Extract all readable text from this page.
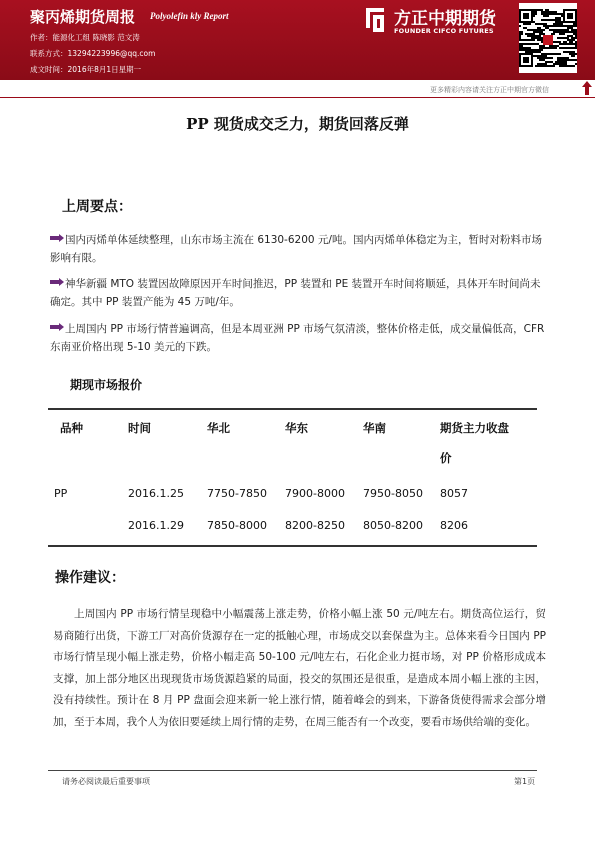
聚丙烯期货周报 Polyolefin kly Report
作者：能源化工组 陈晓影 范文涛
联系方式：13294223996@qq.com
成文时间：2016年8月1日星期一
方正中期期货
FOUNDER CIFCO FUTURES
更多精彩内容请关注方正中期官方微信
PP 现货成交乏力，期货回落反弹
上周要点：
国内丙烯单体延续整理，山东市场主流在 6130-6200 元/吨。国内丙烯单体稳定为主，暂时对粉料市场影响有限。
神华新疆 MTO 装置因故障原因开车时间推迟，PP 装置和 PE 装置开车时间将顺延，具体开车时间尚未确定。其中 PP 装置产能为 45 万吨/年。
上周国内 PP 市场行情普遍调高，但是本周亚洲 PP 市场气氛清淡，整体价格走低，成交量偏低高，CFR 东南亚价格出现 5-10 美元的下跌。
期现市场报价
品种	时间	华北	华东	华南	期货主力收盘
价
PP	2016.1.25 7750-7850 7900-8000 7950-8050 8057
2016.1.29 7850-8000 8200-8250 8050-8200 8206
操作建议：
上周国内 PP 市场行情呈现稳中小幅震荡上涨走势，价格小幅上涨 50 元/吨左右。期货高位运行，贸易商随行出货，下游工厂对高价货源存在一定的抵触心理，市场成交以套保盘为主。总体来看今日国内 PP 市场行情呈现小幅上涨走势，价格小幅走高 50-100 元/吨左右，石化企业力挺市场，对 PP 价格形成成本支撑，加上部分地区出现现货市场货源趋紧的局面，投交的氛围还是很重，是造成本周小幅上涨的主因，没有持续性。预计在 8 月 PP 盘面会迎来新一轮上涨行情，随着峰会的到来，下游备货使得需求会部分增加，至于本周，我个人为依旧要延续上周行情的走势，在周三能否有一个改变，要看市场供给端的变化。
请务必阅读最后重要事项	第1页
